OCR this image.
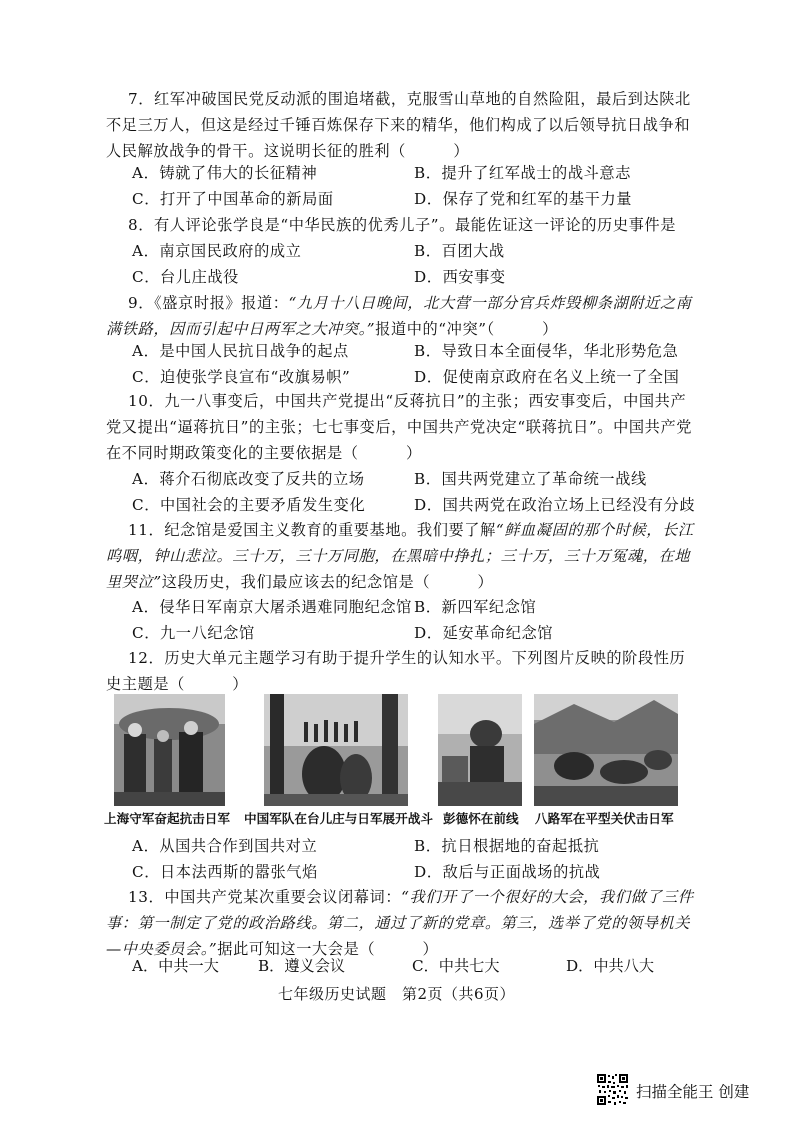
7．红军冲破国民党反动派的围追堵截，克服雪山草地的自然险阻，最后到达陕北不足三万人，但这是经过千锤百炼保存下来的精华，他们构成了以后领导抗日战争和人民解放战争的骨干。这说明长征的胜利（　　　）
A．铸就了伟大的长征精神	B．提升了红军战士的战斗意志
C．打开了中国革命的新局面	D．保存了党和红军的基干力量
8．有人评论张学良是“中华民族的优秀儿子”。最能佐证这一评论的历史事件是
A．南京国民政府的成立	B．百团大战
C．台儿庄战役	D．西安事变
9．《盛京时报》报道：“九月十八日晚间，北大营一部分官兵炸毁柳条湖附近之南满铁路，因而引起中日两军之大冲突。”报道中的“冲突”（　　　）
A．是中国人民抗日战争的起点	B．导致日本全面侵华，华北形势危急
C．迫使张学良宣布“改旗易帜”	D．促使南京政府在名义上统一了全国
10．九一八事变后，中国共产党提出“反蒋抗日”的主张；西安事变后，中国共产党又提出“逼蒋抗日”的主张；七七事变后，中国共产党决定“联蒋抗日”。中国共产党在不同时期政策变化的主要依据是（　　　）
A．蒋介石彻底改变了反共的立场	B．国共两党建立了革命统一战线
C．中国社会的主要矛盾发生变化	D．国共两党在政治立场上已经没有分歧
11．纪念馆是爱国主义教育的重要基地。我们要了解“鲜血凝固的那个时候，长江呜咽，钟山悲泣。三十万，三十万同胞，在黑暗中挣扎；三十万，三十万冤魂，在地里哭泣”这段历史，我们最应该去的纪念馆是（　　　）
A．侵华日军南京大屠杀遇难同胞纪念馆 B．新四军纪念馆
C．九一八纪念馆	D．延安革命纪念馆
12．历史大单元主题学习有助于提升学生的认知水平。下列图片反映的阶段性历史主题是（　　　）
上海守军奋起抗击日军 中国军队在台儿庄与日军展开战斗 彭德怀在前线 八路军在平型关伏击日军
A．从国共合作到国共对立	B．抗日根据地的奋起抵抗
C．日本法西斯的嚣张气焰	D．敌后与正面战场的抗战
13．中国共产党某次重要会议闭幕词：“我们开了一个很好的大会，我们做了三件事：第一制定了党的政治路线。第二，通过了新的党章。第三，选举了党的领导机关—中央委员会。”据此可知这一大会是（　　　）
A．中共一大	B．遵义会议	C．中共七大	D．中共八大
七年级历史试题　第2页（共6页）
扫描全能王 创建
